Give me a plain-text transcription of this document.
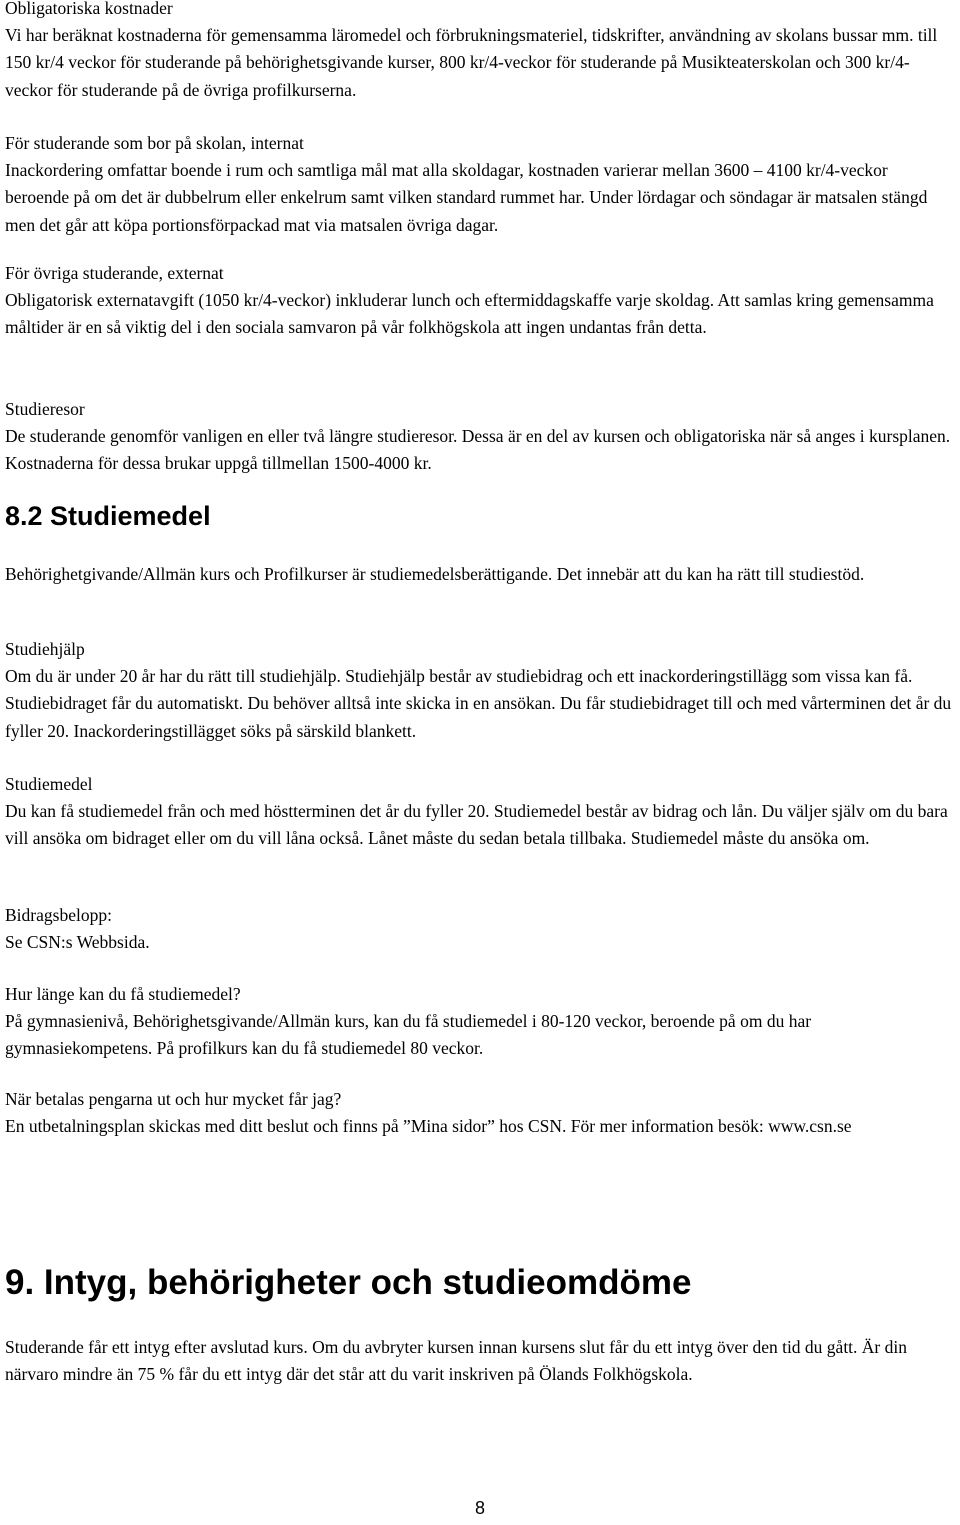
Obligatoriska kostnader

Vi har beräknat kostnaderna för gemensamma läromedel och förbrukningsmateriel, tidskrifter, användning av skolans bussar mm. till 150 kr/4 veckor för studerande på behörighetsgivande kurser, 800 kr/4-veckor för studerande på Musikteaterskolan och 300 kr/4-veckor för studerande på de övriga profilkurserna.

För studerande som bor på skolan, internat

Inackordering omfattar boende i rum och samtliga mål mat alla skoldagar, kostnaden varierar mellan 3600 – 4100 kr/4-veckor beroende på om det är dubbelrum eller enkelrum samt vilken standard rummet har. Under lördagar och söndagar är matsalen stängd men det går att köpa portionsförpackad mat via matsalen övriga dagar.

För övriga studerande, externat

Obligatorisk externatavgift (1050 kr/4-veckor) inkluderar lunch och eftermiddagskaffe varje skoldag. Att samlas kring gemensamma måltider är en så viktig del i den sociala samvaron på vår folkhögskola att ingen undantas från detta.

Studieresor

De studerande genomför vanligen en eller två längre studieresor. Dessa är en del av kursen och obligatoriska när så anges i kursplanen. Kostnaderna för dessa brukar uppgå tillmellan 1500-4000 kr.

8.2 Studiemedel

Behörighetgivande/Allmän kurs och Profilkurser är studiemedelsberättigande. Det innebär att du kan ha rätt till studiestöd.

Studiehjälp

Om du är under 20 år har du rätt till studiehjälp. Studiehjälp består av studiebidrag och ett inackorderingstillägg som vissa kan få. Studiebidraget får du automatiskt. Du behöver alltså inte skicka in en ansökan. Du får studiebidraget till och med vårterminen det år du fyller 20. Inackorderingstillägget söks på särskild blankett.

Studiemedel

Du kan få studiemedel från och med höstterminen det år du fyller 20. Studiemedel består av bidrag och lån. Du väljer själv om du bara vill ansöka om bidraget eller om du vill låna också. Lånet måste du sedan betala tillbaka. Studiemedel måste du ansöka om.

Bidragsbelopp:

Se CSN:s Webbsida.

Hur länge kan du få studiemedel?

På gymnasienivå, Behörighetsgivande/Allmän kurs, kan du få studiemedel i 80-120 veckor, beroende på om du har gymnasiekompetens. På profilkurs kan du få studiemedel 80 veckor.

När betalas pengarna ut och hur mycket får jag?

En utbetalningsplan skickas med ditt beslut och finns på ”Mina sidor” hos CSN. För mer information besök: www.csn.se

9. Intyg, behörigheter och studieomdöme

Studerande får ett intyg efter avslutad kurs. Om du avbryter kursen innan kursens slut får du ett intyg över den tid du gått. Är din närvaro mindre än 75 % får du ett intyg där det står att du varit inskriven på Ölands Folkhögskola.

8
